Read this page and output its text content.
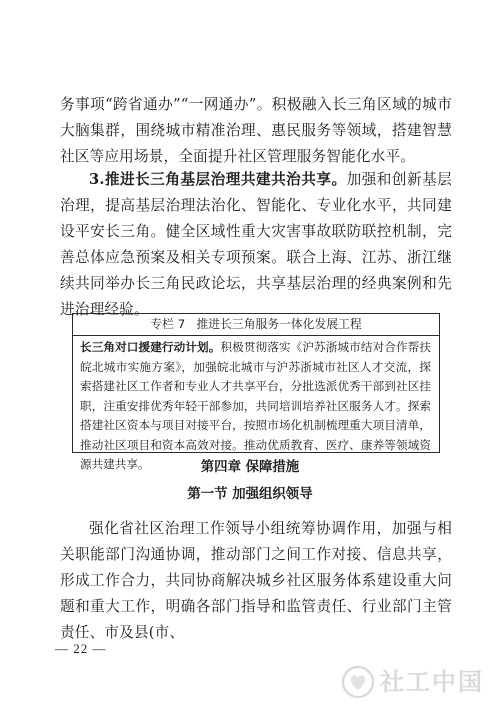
务事项“跨省通办”“一网通办”。积极融入长三角区域的城市大脑集群，围绕城市精准治理、惠民服务等领域，搭建智慧社区等应用场景，全面提升社区管理服务智能化水平。

3.推进长三角基层治理共建共治共享。加强和创新基层治理，提高基层治理法治化、智能化、专业化水平，共同建设平安长三角。健全区域性重大灾害事故联防联控机制，完善总体应急预案及相关专项预案。联合上海、江苏、浙江继续共同举办长三角民政论坛，共享基层治理的经典案例和先进治理经验。

专栏 7 推进长三角服务一体化发展工程
长三角对口援建行动计划。积极贯彻落实《沪苏浙城市结对合作帮扶皖北城市实施方案》，加强皖北城市与沪苏浙城市社区人才交流，探索搭建社区工作者和专业人才共享平台，分批选派优秀干部到社区挂职，注重安排优秀年轻干部参加，共同培训培养社区服务人才。探索搭建社区资本与项目对接平台，按照市场化机制梳理重大项目清单，推动社区项目和资本高效对接。推动优质教育、医疗、康养等领域资源共建共享。	第四章 保障措施
第一节 加强组织领导

强化省社区治理工作领导小组统筹协调作用，加强与相关职能部门沟通协调，推动部门之间工作对接、信息共享，形成工作合力，共同协商解决城乡社区服务体系建设重大问题和重大工作，明确各部门指导和监管责任、行业部门主管责任、市及县(市、

— 22 —
社工中国
